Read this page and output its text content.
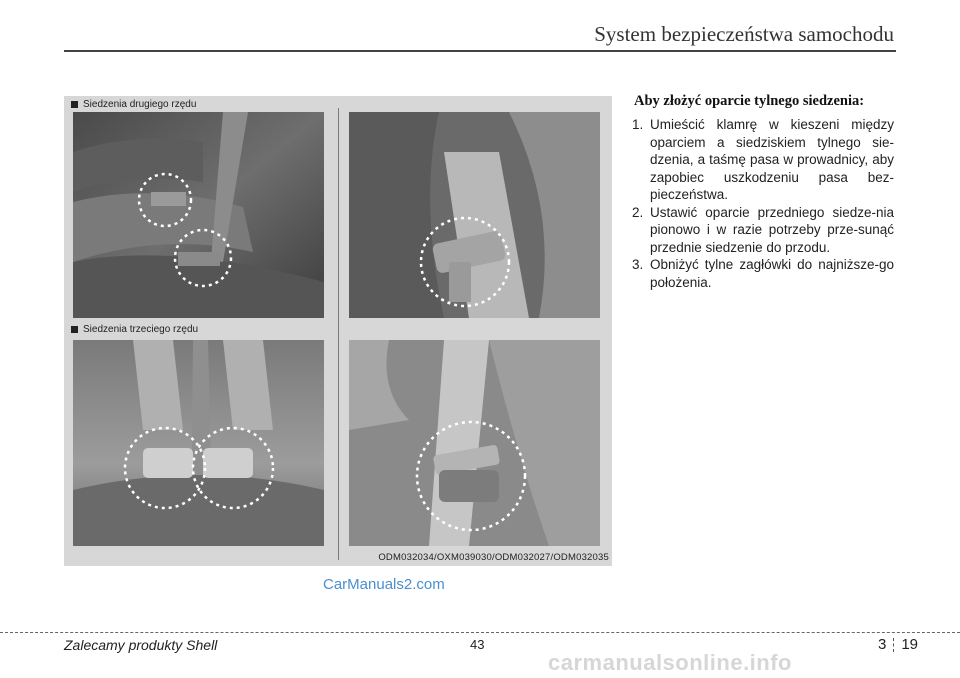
System bezpieczeństwa samochodu
Siedzenia drugiego rzędu
Siedzenia trzeciego rzędu
ODM032034/OXM039030/ODM032027/ODM032035
Aby złożyć oparcie tylnego siedzenia:
1. Umieścić klamrę w kieszeni między oparciem a siedziskiem tylnego sie-dzenia, a taśmę pasa w prowadnicy, aby zapobiec uszkodzeniu pasa bez-pieczeństwa.
2. Ustawić oparcie przedniego siedze-nia pionowo i w razie potrzeby prze-sunąć przednie siedzenie do przodu.
3. Obniżyć tylne zagłówki do najniższe-go położenia.
CarManuals2.com
Zalecamy produkty Shell	43	3 19
carmanualsonline.info
